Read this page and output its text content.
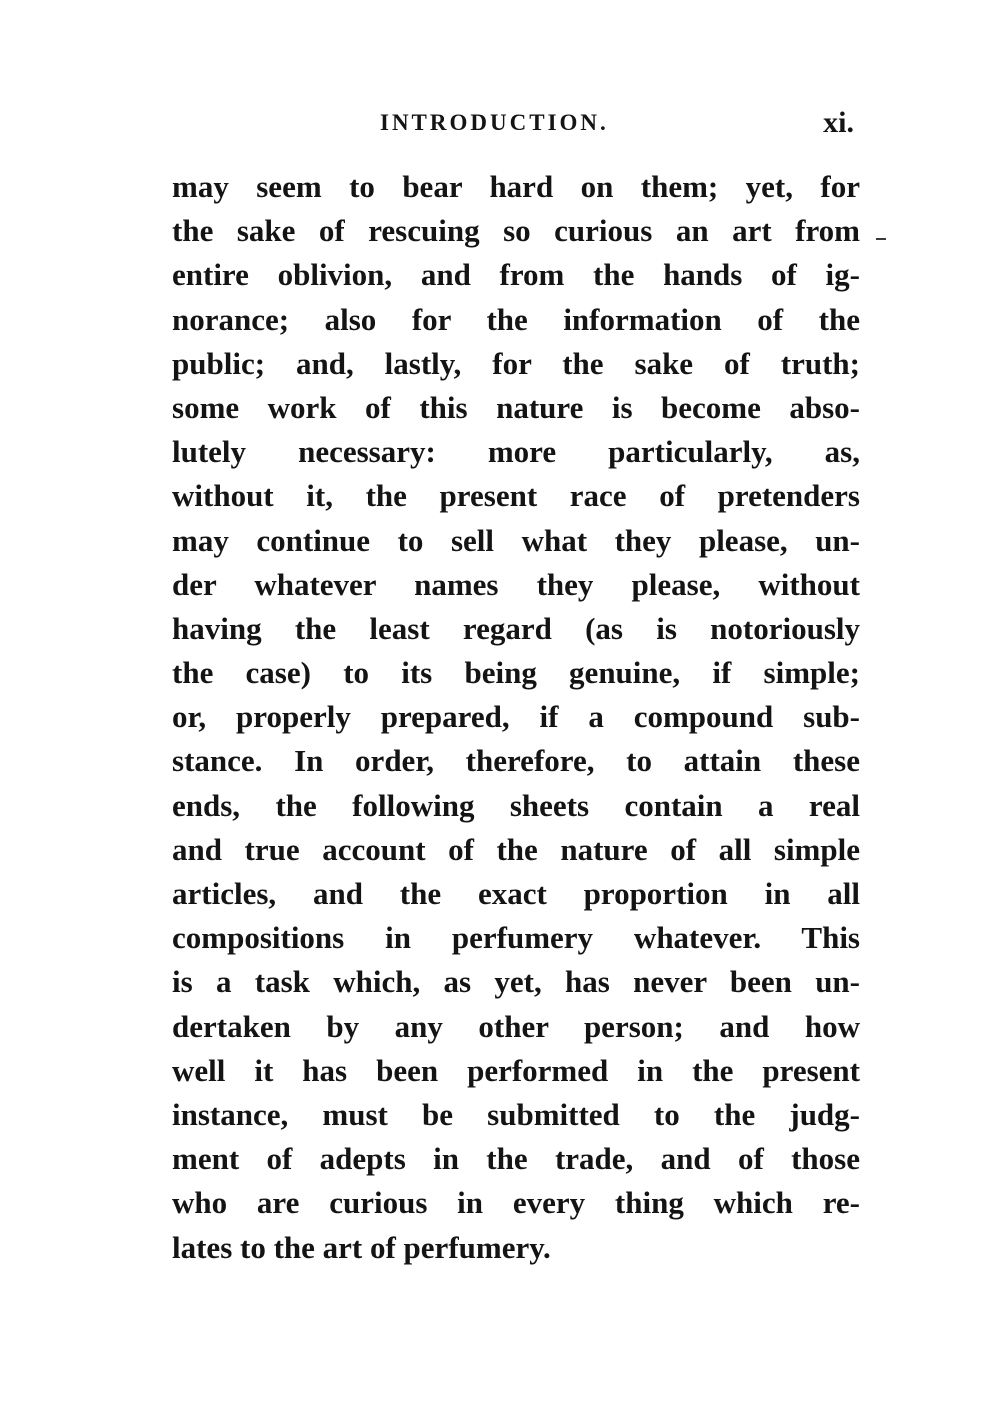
INTRODUCTION.	xi.
may seem to bear hard on them; yet, for
the sake of rescuing so curious an art from
entire oblivion, and from the hands of ig-
norance; also for the information of the
public; and, lastly, for the sake of truth;
some work of this nature is become abso-
lutely necessary: more particularly, as,
without it, the present race of pretenders
may continue to sell what they please, un-
der whatever names they please, without
having the least regard (as is notoriously
the case) to its being genuine, if simple;
or, properly prepared, if a compound sub-
stance. In order, therefore, to attain these
ends, the following sheets contain a real
and true account of the nature of all simple
articles, and the exact proportion in all
compositions in perfumery whatever. This
is a task which, as yet, has never been un-
dertaken by any other person; and how
well it has been performed in the present
instance, must be submitted to the judg-
ment of adepts in the trade, and of those
who are curious in every thing which re-
lates to the art of perfumery.
